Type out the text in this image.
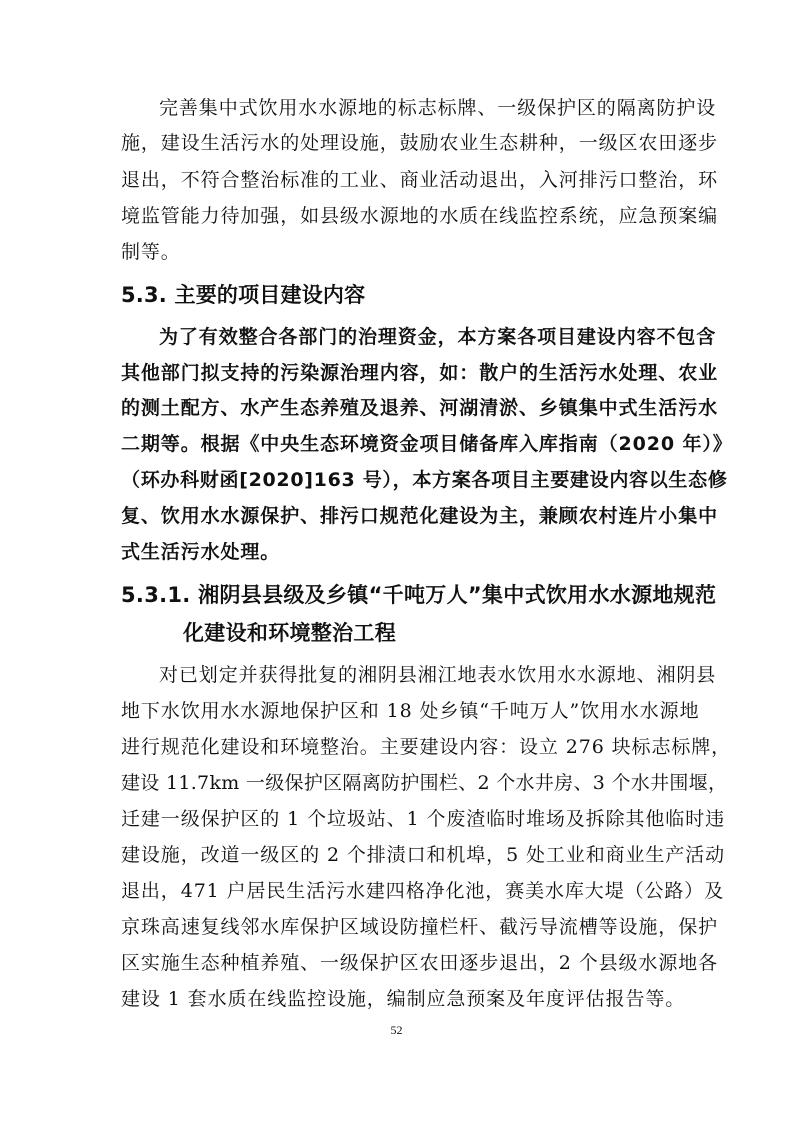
完善集中式饮用水水源地的标志标牌、一级保护区的隔离防护设
施，建设生活污水的处理设施，鼓励农业生态耕种，一级区农田逐步
退出，不符合整治标准的工业、商业活动退出，入河排污口整治，环
境监管能力待加强，如县级水源地的水质在线监控系统，应急预案编
制等。
5.3. 主要的项目建设内容
为了有效整合各部门的治理资金，本方案各项目建设内容不包含
其他部门拟支持的污染源治理内容，如：散户的生活污水处理、农业
的测土配方、水产生态养殖及退养、河湖清淤、乡镇集中式生活污水
二期等。根据《中央生态环境资金项目储备库入库指南（2020 年）》
（环办科财函[2020]163 号），本方案各项目主要建设内容以生态修
复、饮用水水源保护、排污口规范化建设为主，兼顾农村连片小集中
式生活污水处理。
5.3.1. 湘阴县县级及乡镇“千吨万人”集中式饮用水水源地规范
化建设和环境整治工程
对已划定并获得批复的湘阴县湘江地表水饮用水水源地、湘阴县
地下水饮用水水源地保护区和 18 处乡镇“千吨万人”饮用水水源地
进行规范化建设和环境整治。主要建设内容：设立 276 块标志标牌，
建设 11.7km 一级保护区隔离防护围栏、2 个水井房、3 个水井围堰，
迁建一级保护区的 1 个垃圾站、1 个废渣临时堆场及拆除其他临时违
建设施，改道一级区的 2 个排渍口和机埠，5 处工业和商业生产活动
退出，471 户居民生活污水建四格净化池，赛美水库大堤（公路）及
京珠高速复线邻水库保护区域设防撞栏杆、截污导流槽等设施，保护
区实施生态种植养殖、一级保护区农田逐步退出，2 个县级水源地各
建设 1 套水质在线监控设施，编制应急预案及年度评估报告等。
52
